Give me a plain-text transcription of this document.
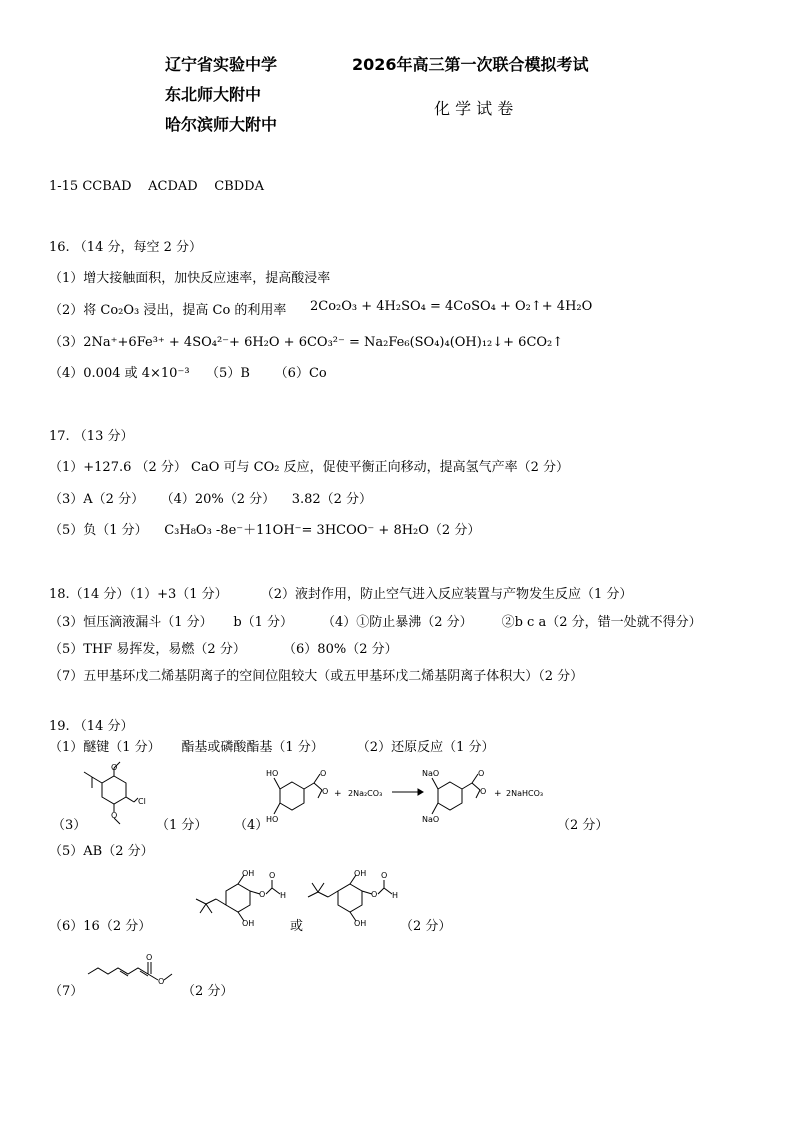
辽宁省实验中学
东北师大附中
哈尔滨师大附中
2026年高三第一次联合模拟考试
化 学 试 卷
1-15 CCBAD    ACDAD    CBDDA
16. （14 分，每空 2 分）
（1）增大接触面积，加快反应速率，提高酸浸率
（2）将 Co₂O₃ 浸出，提高 Co 的利用率 2Co₂O₃ + 4H₂SO₄ = 4CoSO₄ + O₂↑+ 4H₂O
（3）2Na⁺+6Fe³⁺ + 4SO₄²⁻+ 6H₂O + 6CO₃²⁻ = Na₂Fe₆(SO₄)₄(OH)₁₂↓+ 6CO₂↑
（4）0.004 或 4×10⁻³    （5）B      （6）Co
17. （13 分）
（1）+127.6 （2 分） CaO 可与 CO₂ 反应，促使平衡正向移动，提高氢气产率（2 分）
（3）A（2 分）    （4）20%（2 分）    3.82（2 分）
（5）负（1 分）    C₃H₈O₃ -8e⁻＋11OH⁻= 3HCOO⁻ + 8H₂O（2 分）
18.（14 分）（1）+3（1 分）        （2）液封作用，防止空气进入反应装置与产物发生反应（1 分）
（3）恒压滴液漏斗（1 分）     b（1 分）       （4）①防止暴沸（2 分）       ②b c a（2 分，错一处就不得分）
（5）THF 易挥发，易燃（2 分）         （6）80%（2 分）
（7）五甲基环戊二烯基阴离子的空间位阻较大（或五甲基环戊二烯基阴离子体积大）（2 分）
19. （14 分）
（1）醚键（1 分）     酯基或磷酸酯基（1 分）        （2）还原反应（1 分）
（3）
O
O
Cl
（1 分） （4）
HO
HO
O
O + 2Na₂CO₃
NaO
NaO
O
O + 2NaHCO₃
（2 分）
（5）AB（2 分）
（6）16（2 分）
OH
OH
O
O
H
或
OH
OH
O
O
H
（2 分）
（7）
O
O
（2 分）
